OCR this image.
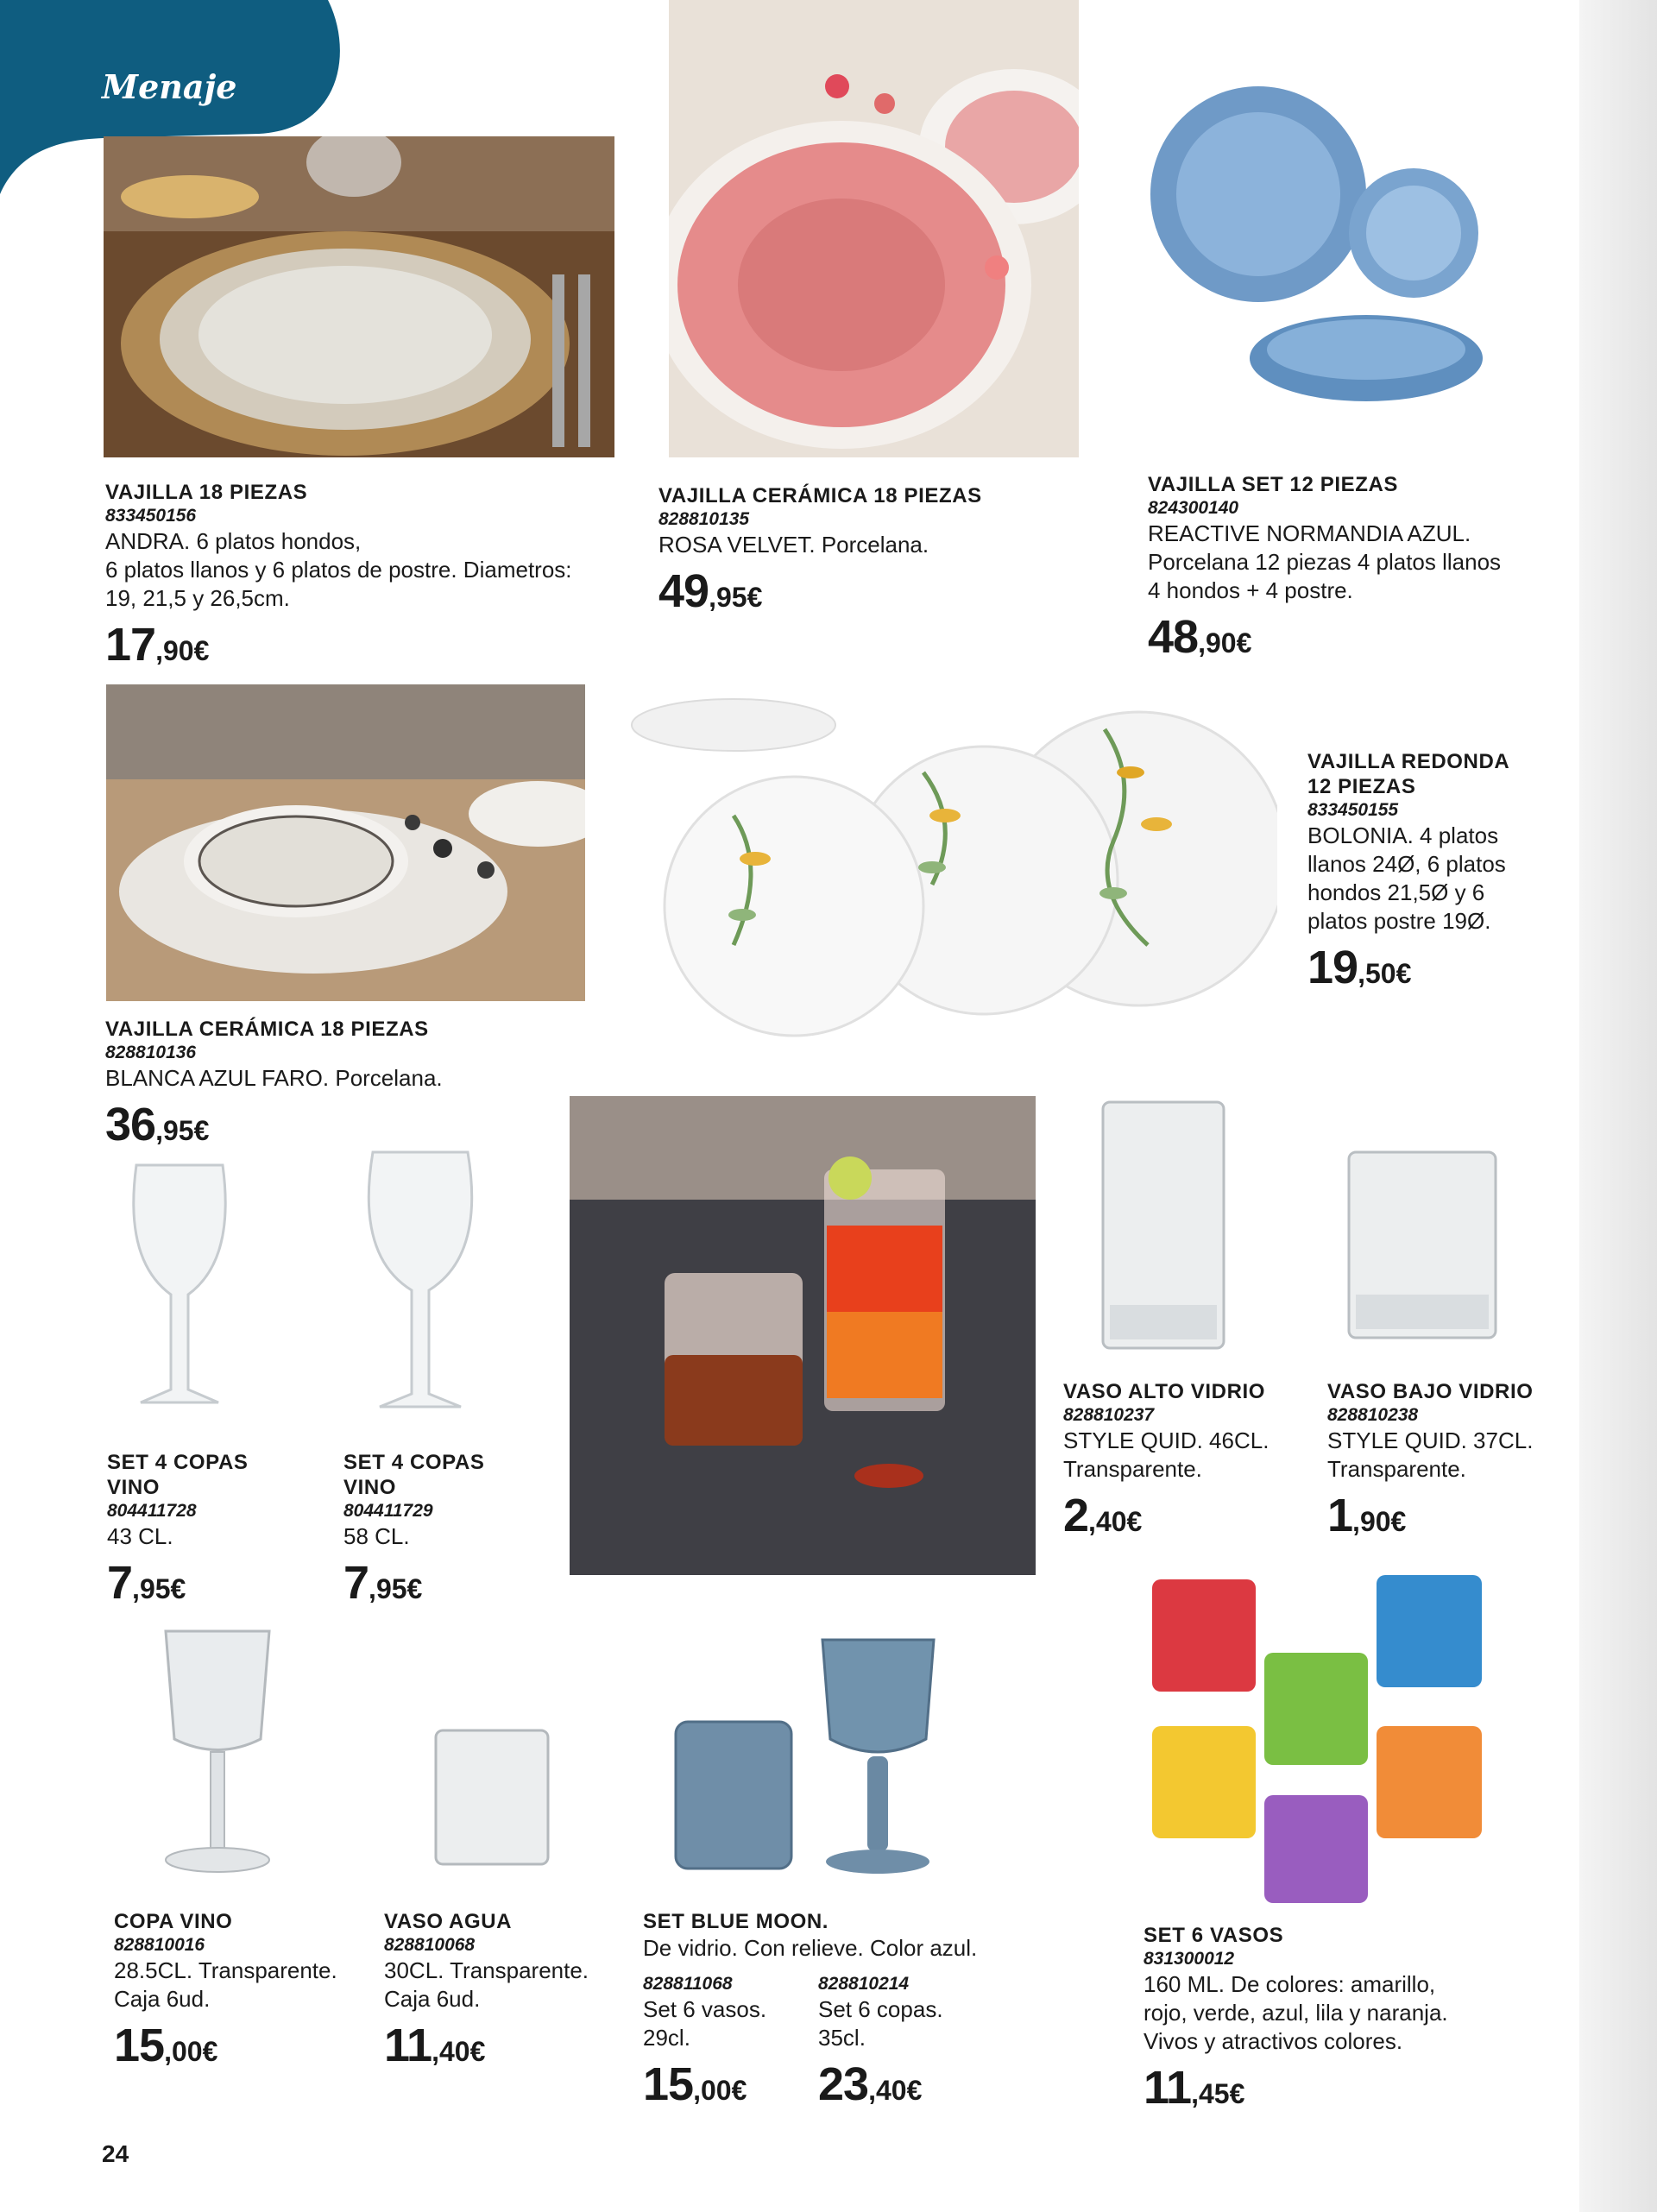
Menaje
VAJILLA 18 PIEZAS
833450156
ANDRA. 6 platos hondos,
6 platos llanos y 6 platos de postre. Diametros:
19, 21,5 y 26,5cm.
17,90€
VAJILLA CERÁMICA 18 PIEZAS
828810135
ROSA VELVET. Porcelana.
49,95€
VAJILLA SET 12 PIEZAS
824300140
REACTIVE NORMANDIA AZUL.
Porcelana 12 piezas 4 platos llanos
4 hondos + 4 postre.
48,90€
VAJILLA CERÁMICA 18 PIEZAS
828810136
BLANCA AZUL FARO. Porcelana.
36,95€
VAJILLA REDONDA
12 PIEZAS
833450155
BOLONIA. 4 platos
llanos 24Ø, 6 platos
hondos 21,5Ø y 6
platos postre 19Ø.
19,50€
SET 4 COPAS
VINO
804411728
43 CL.
7,95€
SET 4 COPAS
VINO
804411729
58 CL.
7,95€
VASO ALTO VIDRIO
828810237
STYLE QUID. 46CL.
Transparente.
2,40€
VASO BAJO VIDRIO
828810238
STYLE QUID. 37CL.
Transparente.
1,90€
COPA VINO
828810016
28.5CL. Transparente.
Caja 6ud.
15,00€
VASO AGUA
828810068
30CL. Transparente.
Caja 6ud.
11,40€
SET BLUE MOON.
De vidrio. Con relieve. Color azul.
828811068
Set 6 vasos.
29cl.
15,00€
828810214
Set 6 copas.
35cl.
23,40€
SET 6 VASOS
831300012
160 ML. De colores: amarillo,
rojo, verde, azul, lila y naranja.
Vivos y atractivos colores.
11,45€
24
